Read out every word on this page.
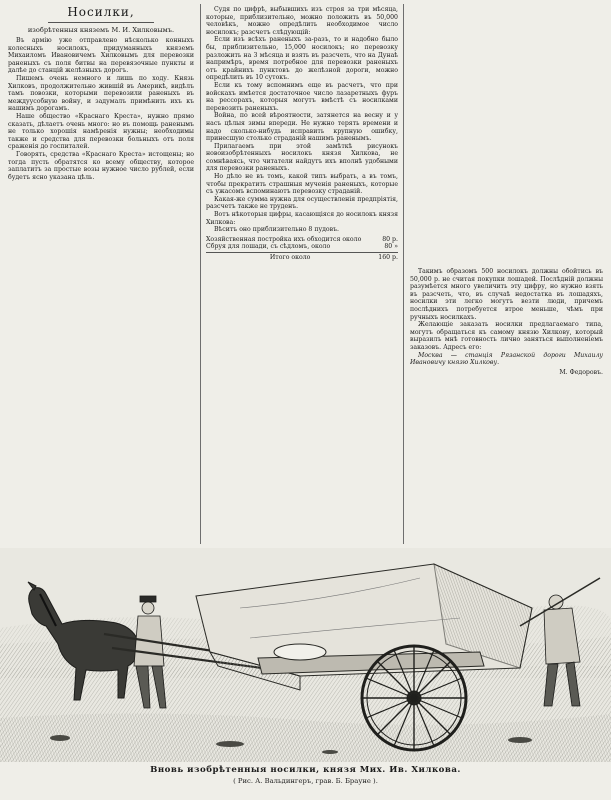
Носилки,
изобрѣтенныя княземъ М. И. Хилковымъ.

Въ армiю уже отправлено нѣсколько конныхъ колесныхъ носилокъ, придуманныхъ княземъ Михаиломъ Ивановичемъ Хилковымъ для перевозки раненыхъ съ поля битвы на перевязочные пункты и далѣе до станцiй желѣзныхъ дорогъ.

Пишемъ очень немного и лишь по ходу. Князь Хилковъ, продолжительно жившiй въ Америкѣ, видѣлъ тамъ повозки, которыми перевозили раненыхъ въ междуусобную войну, и задумалъ примѣнить ихъ къ нашимъ дорогамъ.

Наше общество «Краснаго Креста», нужно прямо сказать, дѣлаетъ очень много: но въ помощь раненымъ не только хорошiя намѣренiя нужны; необходимы также и средства для перевозки больныхъ отъ поля сраженiя до госпиталей.

Говорять, средства «Краснаго Креста» истощены; но тогда пусть обратятся ко всему обществу, которое заплатитъ за простые возы нужное число рублей, если будетъ ясно указана цѣль.

Судя по цифрѣ, выбывшихъ изъ строя за три мѣсяца, которые, приблизительно, можно положить въ 50,000 человѣкъ, можно опредѣлить необходимое число носилокъ; разсчетъ слѣдующiй:

Если изъ всѣхъ раненыхъ за-разъ, то и надобно было бы, приблизительно, 15,000 носилокъ; но перевозку разложить на 3 мѣсяца и взять въ разсчеть, что на Дунаѣ напримѣръ, время потребное для перевозки раненыхъ отъ крайнихъ пунктовъ до желѣзной дороги, можно опредѣлить въ 10 сутокъ.

Если къ тому вспомнимъ еще въ расчетъ, что при войскахъ имѣется достаточное число лазаретныхъ фуръ на рессорахъ, которыя могутъ вмѣстѣ съ носилками перевозить раненыхъ.

Война, по всей вѣроятности, затянется на весну и у насъ цѣлыя зимы впереди. Не нужно терять времени и надо сколько-нибудь исправить крупную ошибку, принесшую столько страданiй нашимъ раненымъ.

Прилагаемъ при этой замѣткѣ рисунокъ новоизобрѣтенныхъ носилокъ князя Хилкова, не сомнѣваясь, что читатели найдутъ ихъ вполнѣ удобными для перевозки раненыхъ.

Но дѣло не въ томъ, какой типъ выбрать, а въ томъ, чтобы прекратить страшныя мученiя раненыхъ, которые съ ужасомъ вспоминаютъ перевозку страданiй.

Какая-же сумма нужна для осуществленiя предпрiятiя, разсчетъ также не труденъ.

Вотъ нѣкоторыя цифры, касающiяся до носилокъ князя Хилкова:

Вѣситъ оно приблизительно 8 пудовъ.

Хозяйственная постройка ихъ обходится около	80 р.
Сбруя для лошади, съ сѣдломъ, около	80 »
Итого около	160 р.

Такимъ образомъ 500 носилокъ должны обойтись въ 50,000 р. не считая покупки лошадей. Послѣднiй должны разумѣется много увеличить эту цифру, но нужно взять въ разсчеть, что, въ случаѣ недостатка въ лошадяхъ, носилки эти легко могутъ везти люди, причемъ послѣднихъ потребуется втрое меньше, чѣмъ при ручныхъ носилкахъ.

Желающiе заказать носилки предлагаемаго типа, могутъ обращаться къ самому князю Хилкову, который выразилъ мнѣ готовность лично заняться выполненiемъ заказовъ. Адресъ его:

Москва — станцiя Рязанской дороги Михаилу Ивановичу князю Хилкову.

М. Федоровъ.
Вновь изобрѣтенныя носилки, князя Мих. Ив. Хилкова.
( Рис. А. Вальдингеръ, грав. Б. Брауне ).
